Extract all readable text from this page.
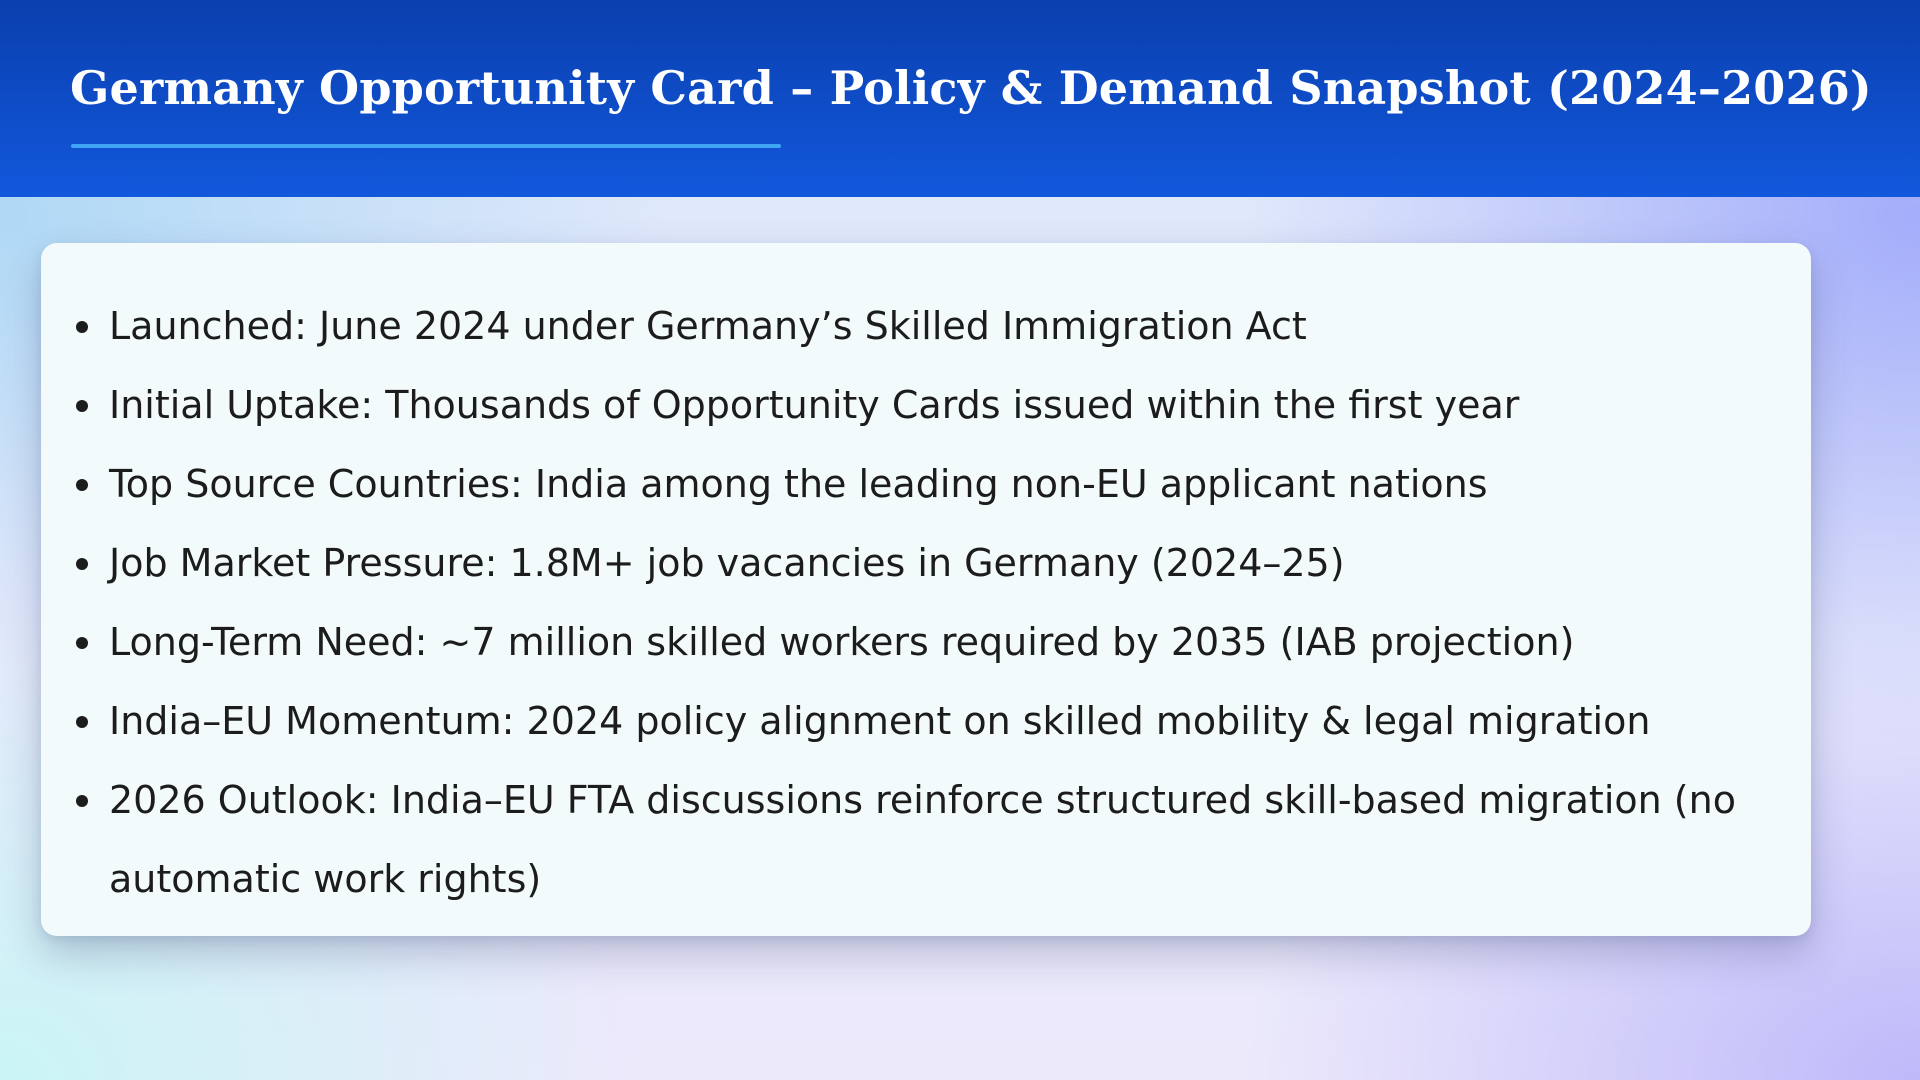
Germany Opportunity Card – Policy & Demand Snapshot (2024–2026)
Launched: June 2024 under Germany’s Skilled Immigration Act
Initial Uptake: Thousands of Opportunity Cards issued within the first year
Top Source Countries: India among the leading non-EU applicant nations
Job Market Pressure: 1.8M+ job vacancies in Germany (2024–25)
Long-Term Need: ~7 million skilled workers required by 2035 (IAB projection)
India–EU Momentum: 2024 policy alignment on skilled mobility & legal migration
2026 Outlook: India–EU FTA discussions reinforce structured skill-based migration (no automatic work rights)
